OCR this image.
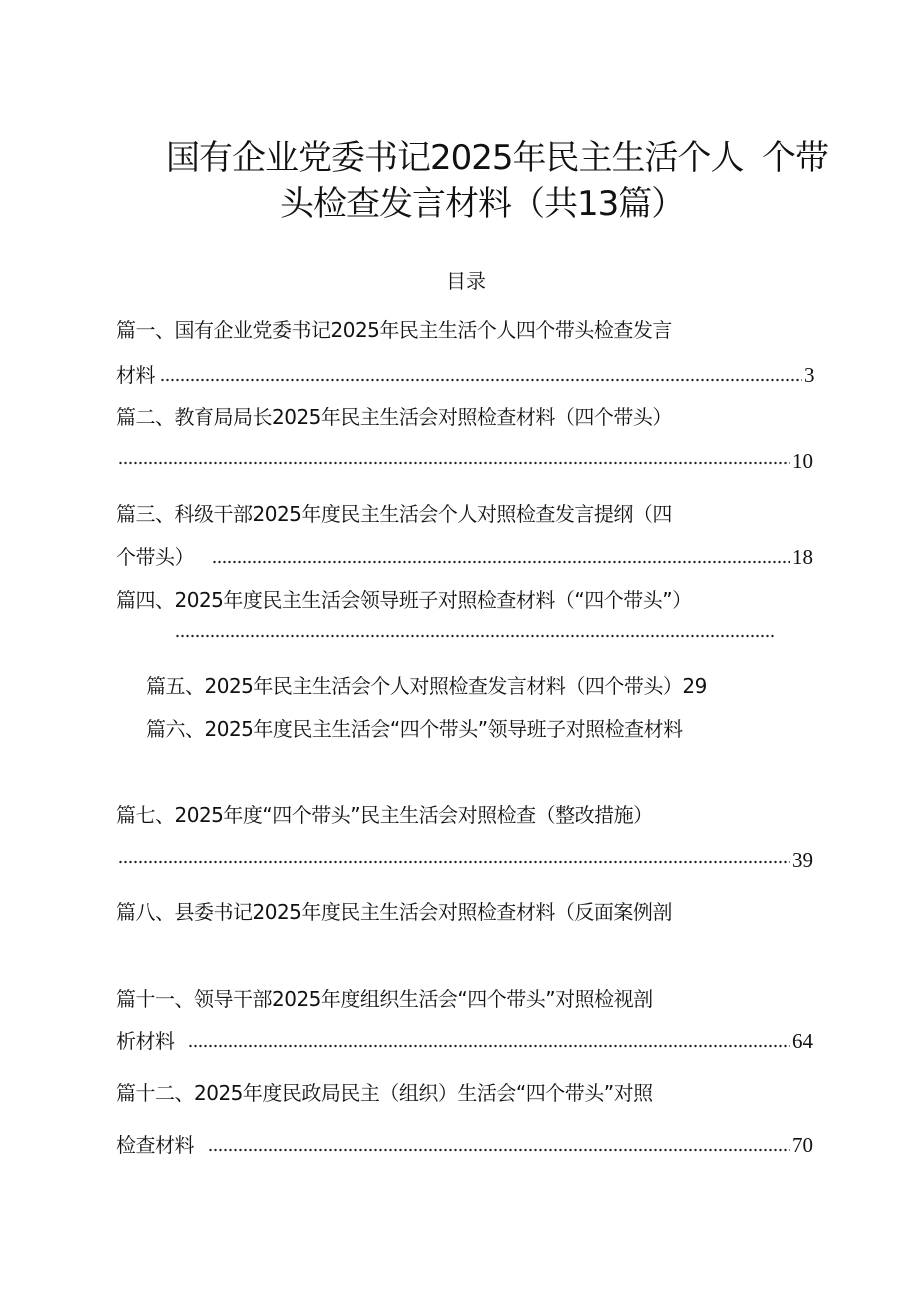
国有企业党委书记2025年民主生活个人 个带
头检查发言材料（共13篇）
目录
篇一、国有企业党委书记2025年民主生活个人四个带头检查发言
材料	3
篇二、教育局局长2025年民主生活会对照检查材料（四个带头）
10
篇三、科级干部2025年度民主生活会个人对照检查发言提纲（四
个带头）	18
篇四、2025年度民主生活会领导班子对照检查材料（“四个带头”）
篇五、2025年民主生活会个人对照检查发言材料（四个带头）29
篇六、2025年度民主生活会“四个带头”领导班子对照检查材料
篇七、2025年度“四个带头”民主生活会对照检查（整改措施）
39
篇八、县委书记2025年度民主生活会对照检查材料（反面案例剖
篇十一、领导干部2025年度组织生活会“四个带头”对照检视剖
析材料	64
篇十二、2025年度民政局民主（组织）生活会“四个带头”对照
检查材料	70
